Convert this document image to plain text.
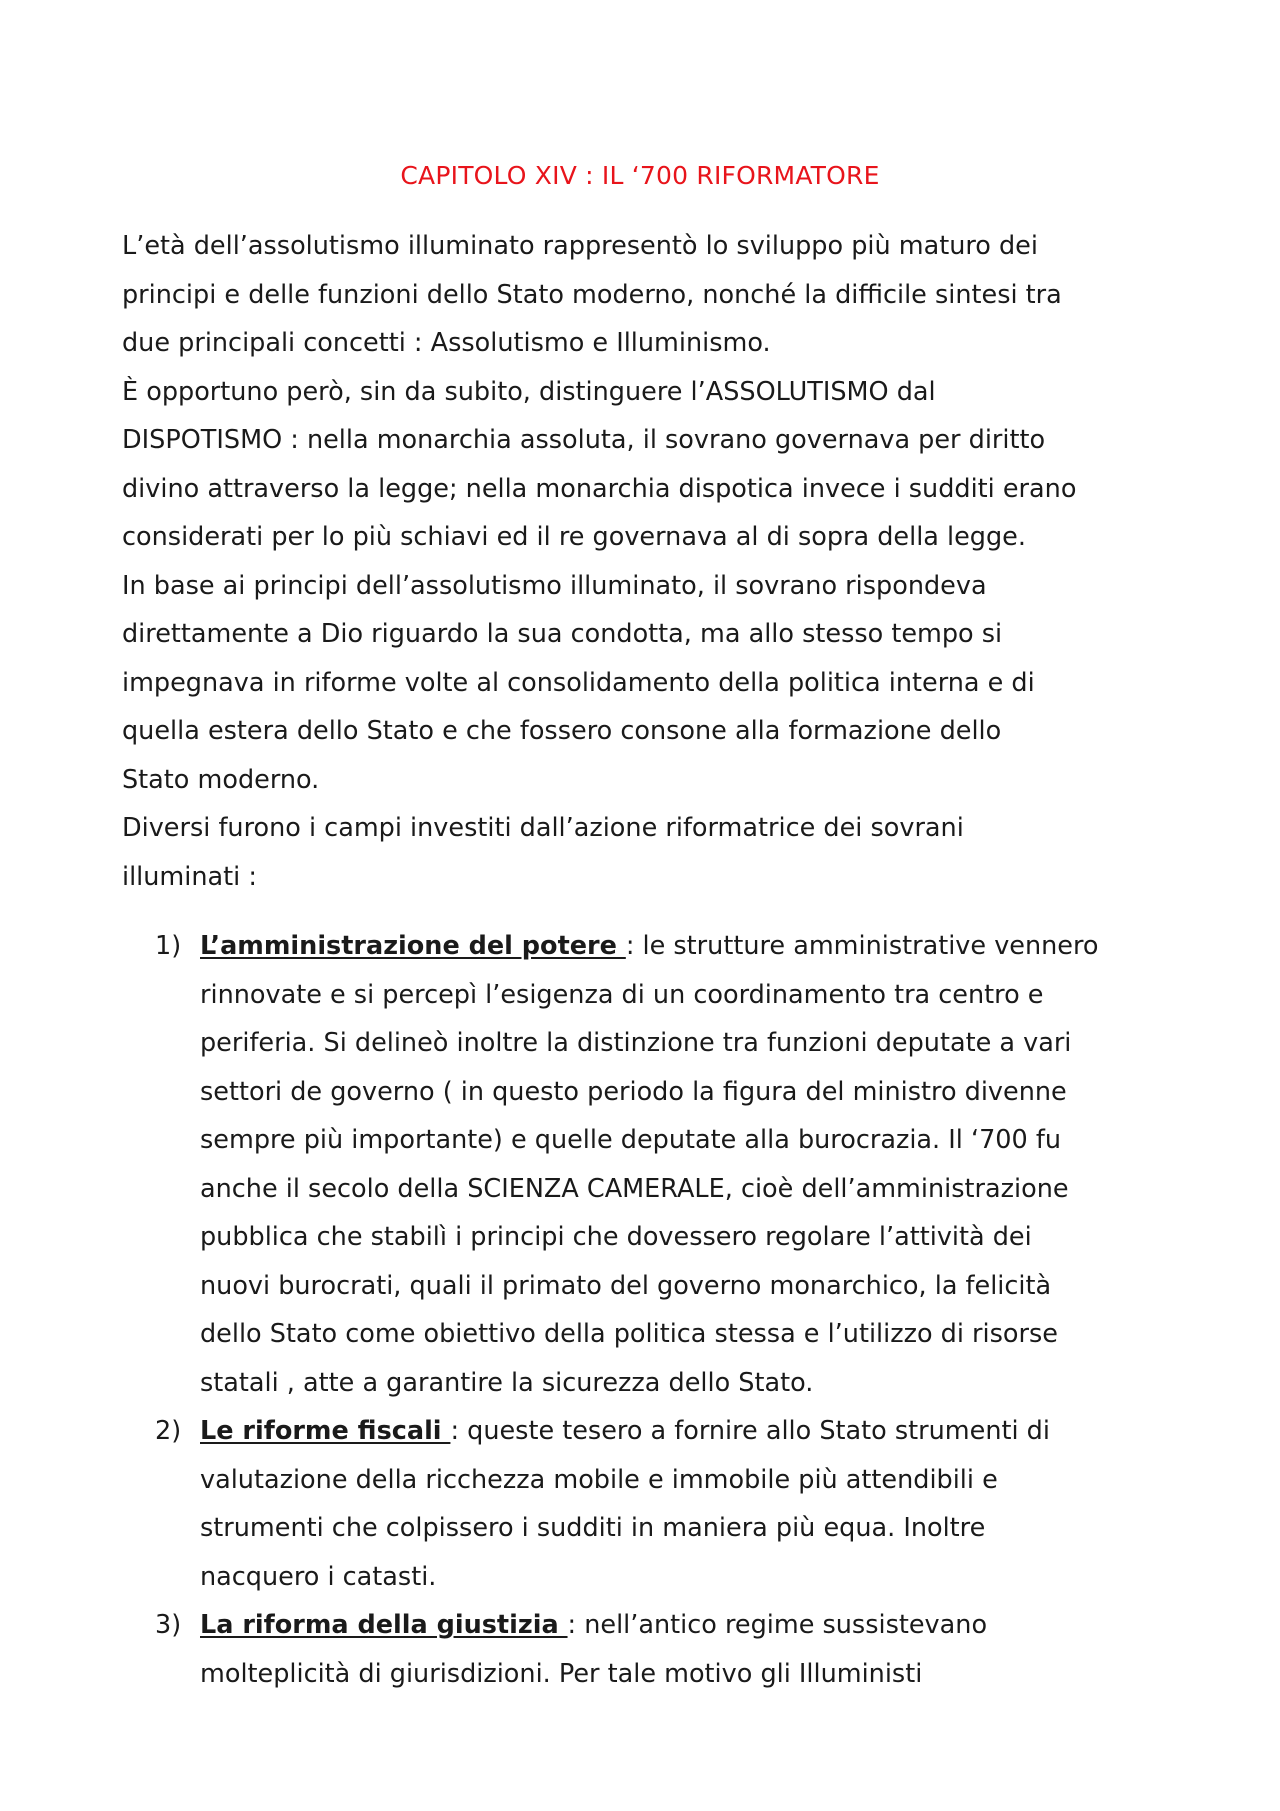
CAPITOLO XIV : IL ‘700 RIFORMATORE
L’età dell’assolutismo illuminato rappresentò lo sviluppo più maturo dei
principi e delle funzioni dello Stato moderno, nonché la difficile sintesi tra
due principali concetti : Assolutismo e Illuminismo.
È opportuno però, sin da subito, distinguere l’ASSOLUTISMO dal
DISPOTISMO : nella monarchia assoluta, il sovrano governava per diritto
divino attraverso la legge; nella monarchia dispotica invece i sudditi erano
considerati per lo più schiavi ed il re governava al di sopra della legge.
In base ai principi dell’assolutismo illuminato, il sovrano rispondeva
direttamente a Dio riguardo la sua condotta, ma allo stesso tempo si
impegnava in riforme volte al consolidamento della politica interna e di
quella estera dello Stato e che fossero consone alla formazione dello
Stato moderno.
Diversi furono i campi investiti dall’azione riformatrice dei sovrani
illuminati :
1) L’amministrazione del potere : le strutture amministrative vennero
rinnovate e si percepì l’esigenza di un coordinamento tra centro e
periferia. Si delineò inoltre la distinzione tra funzioni deputate a vari
settori de governo ( in questo periodo la figura del ministro divenne
sempre più importante) e quelle deputate alla burocrazia. Il ‘700 fu
anche il secolo della SCIENZA CAMERALE, cioè dell’amministrazione
pubblica che stabilì i principi che dovessero regolare l’attività dei
nuovi burocrati, quali il primato del governo monarchico, la felicità
dello Stato come obiettivo della politica stessa e l’utilizzo di risorse
statali , atte a garantire la sicurezza dello Stato.
2) Le riforme fiscali : queste tesero a fornire allo Stato strumenti di
valutazione della ricchezza mobile e immobile più attendibili e
strumenti che colpissero i sudditi in maniera più equa. Inoltre
nacquero i catasti.
3) La riforma della giustizia : nell’antico regime sussistevano
molteplicità di giurisdizioni. Per tale motivo gli Illuministi
